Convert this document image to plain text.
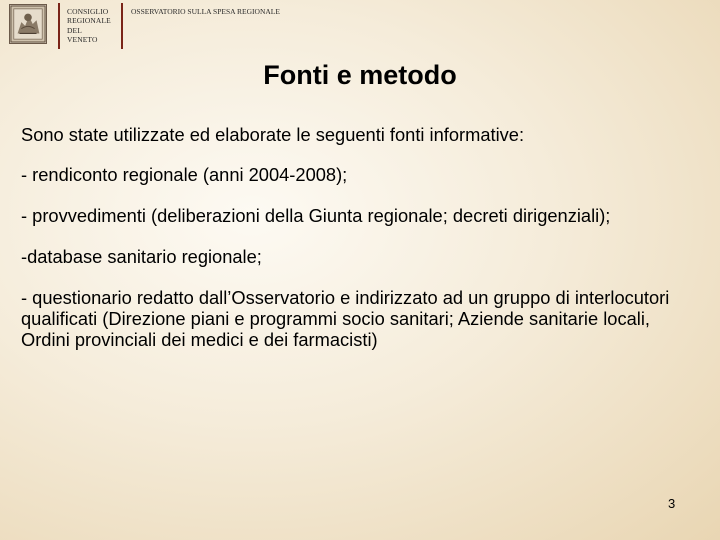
CONSIGLIO
REGIONALE
DEL
VENETO
OSSERVATORIO SULLA SPESA REGIONALE
Fonti e metodo

Sono state utilizzate ed elaborate le seguenti fonti informative:

- rendiconto regionale (anni 2004-2008);

- provvedimenti (deliberazioni della Giunta regionale; decreti dirigenziali);

-database sanitario regionale;

- questionario redatto dall’Osservatorio e indirizzato ad un gruppo di interlocutori qualificati (Direzione piani e programmi socio sanitari; Aziende sanitarie locali, Ordini provinciali dei medici e dei farmacisti)

3
